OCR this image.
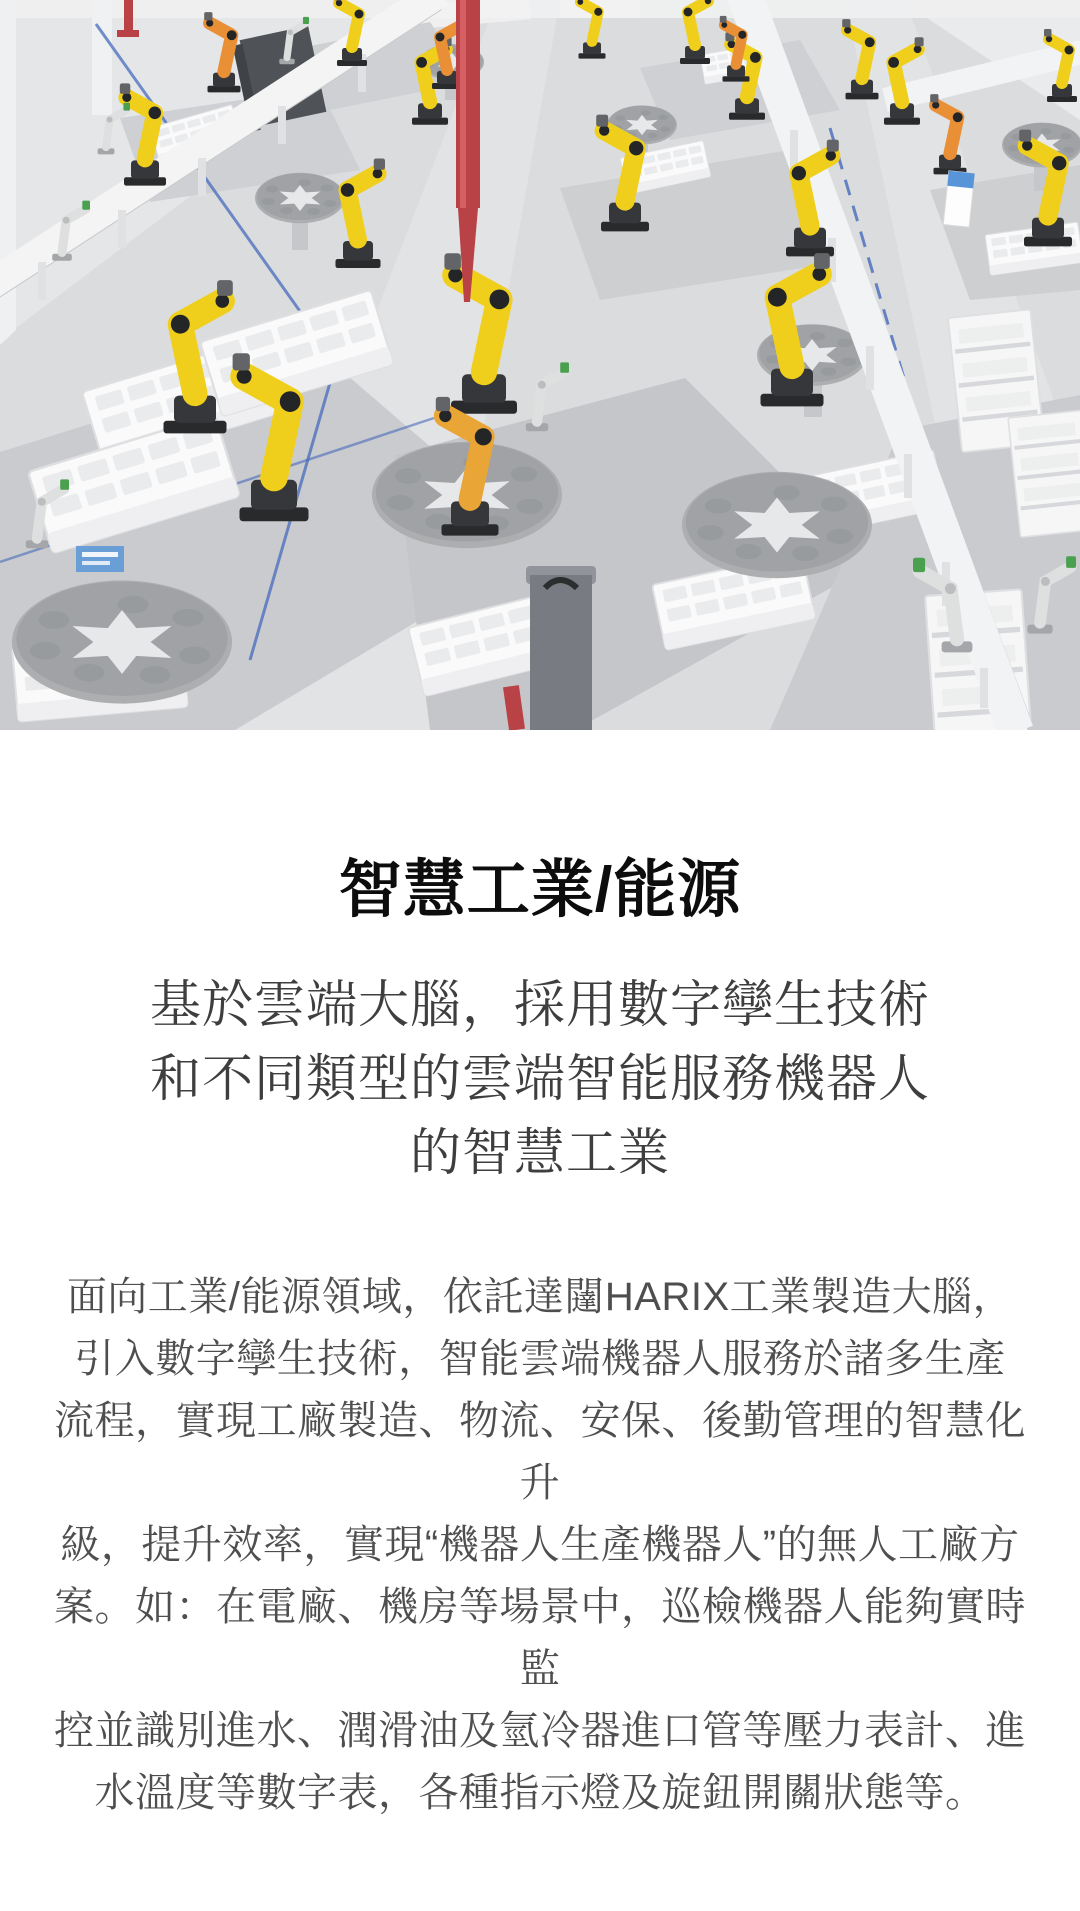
智慧工業/能源
基於雲端大腦，採用數字孿生技術
和不同類型的雲端智能服務機器人
的智慧工業
面向工業/能源領域，依託達闥HARIX工業製造大腦，
引入數字孿生技術，智能雲端機器人服務於諸多生產
流程，實現工廠製造、物流、安保、後勤管理的智慧化升
級，提升效率，實現“機器人生產機器人”的無人工廠方
案。如：在電廠、機房等場景中，巡檢機器人能夠實時監
控並識別進水、潤滑油及氫冷器進口管等壓力表計、進
水溫度等數字表，各種指示燈及旋鈕開關狀態等。
